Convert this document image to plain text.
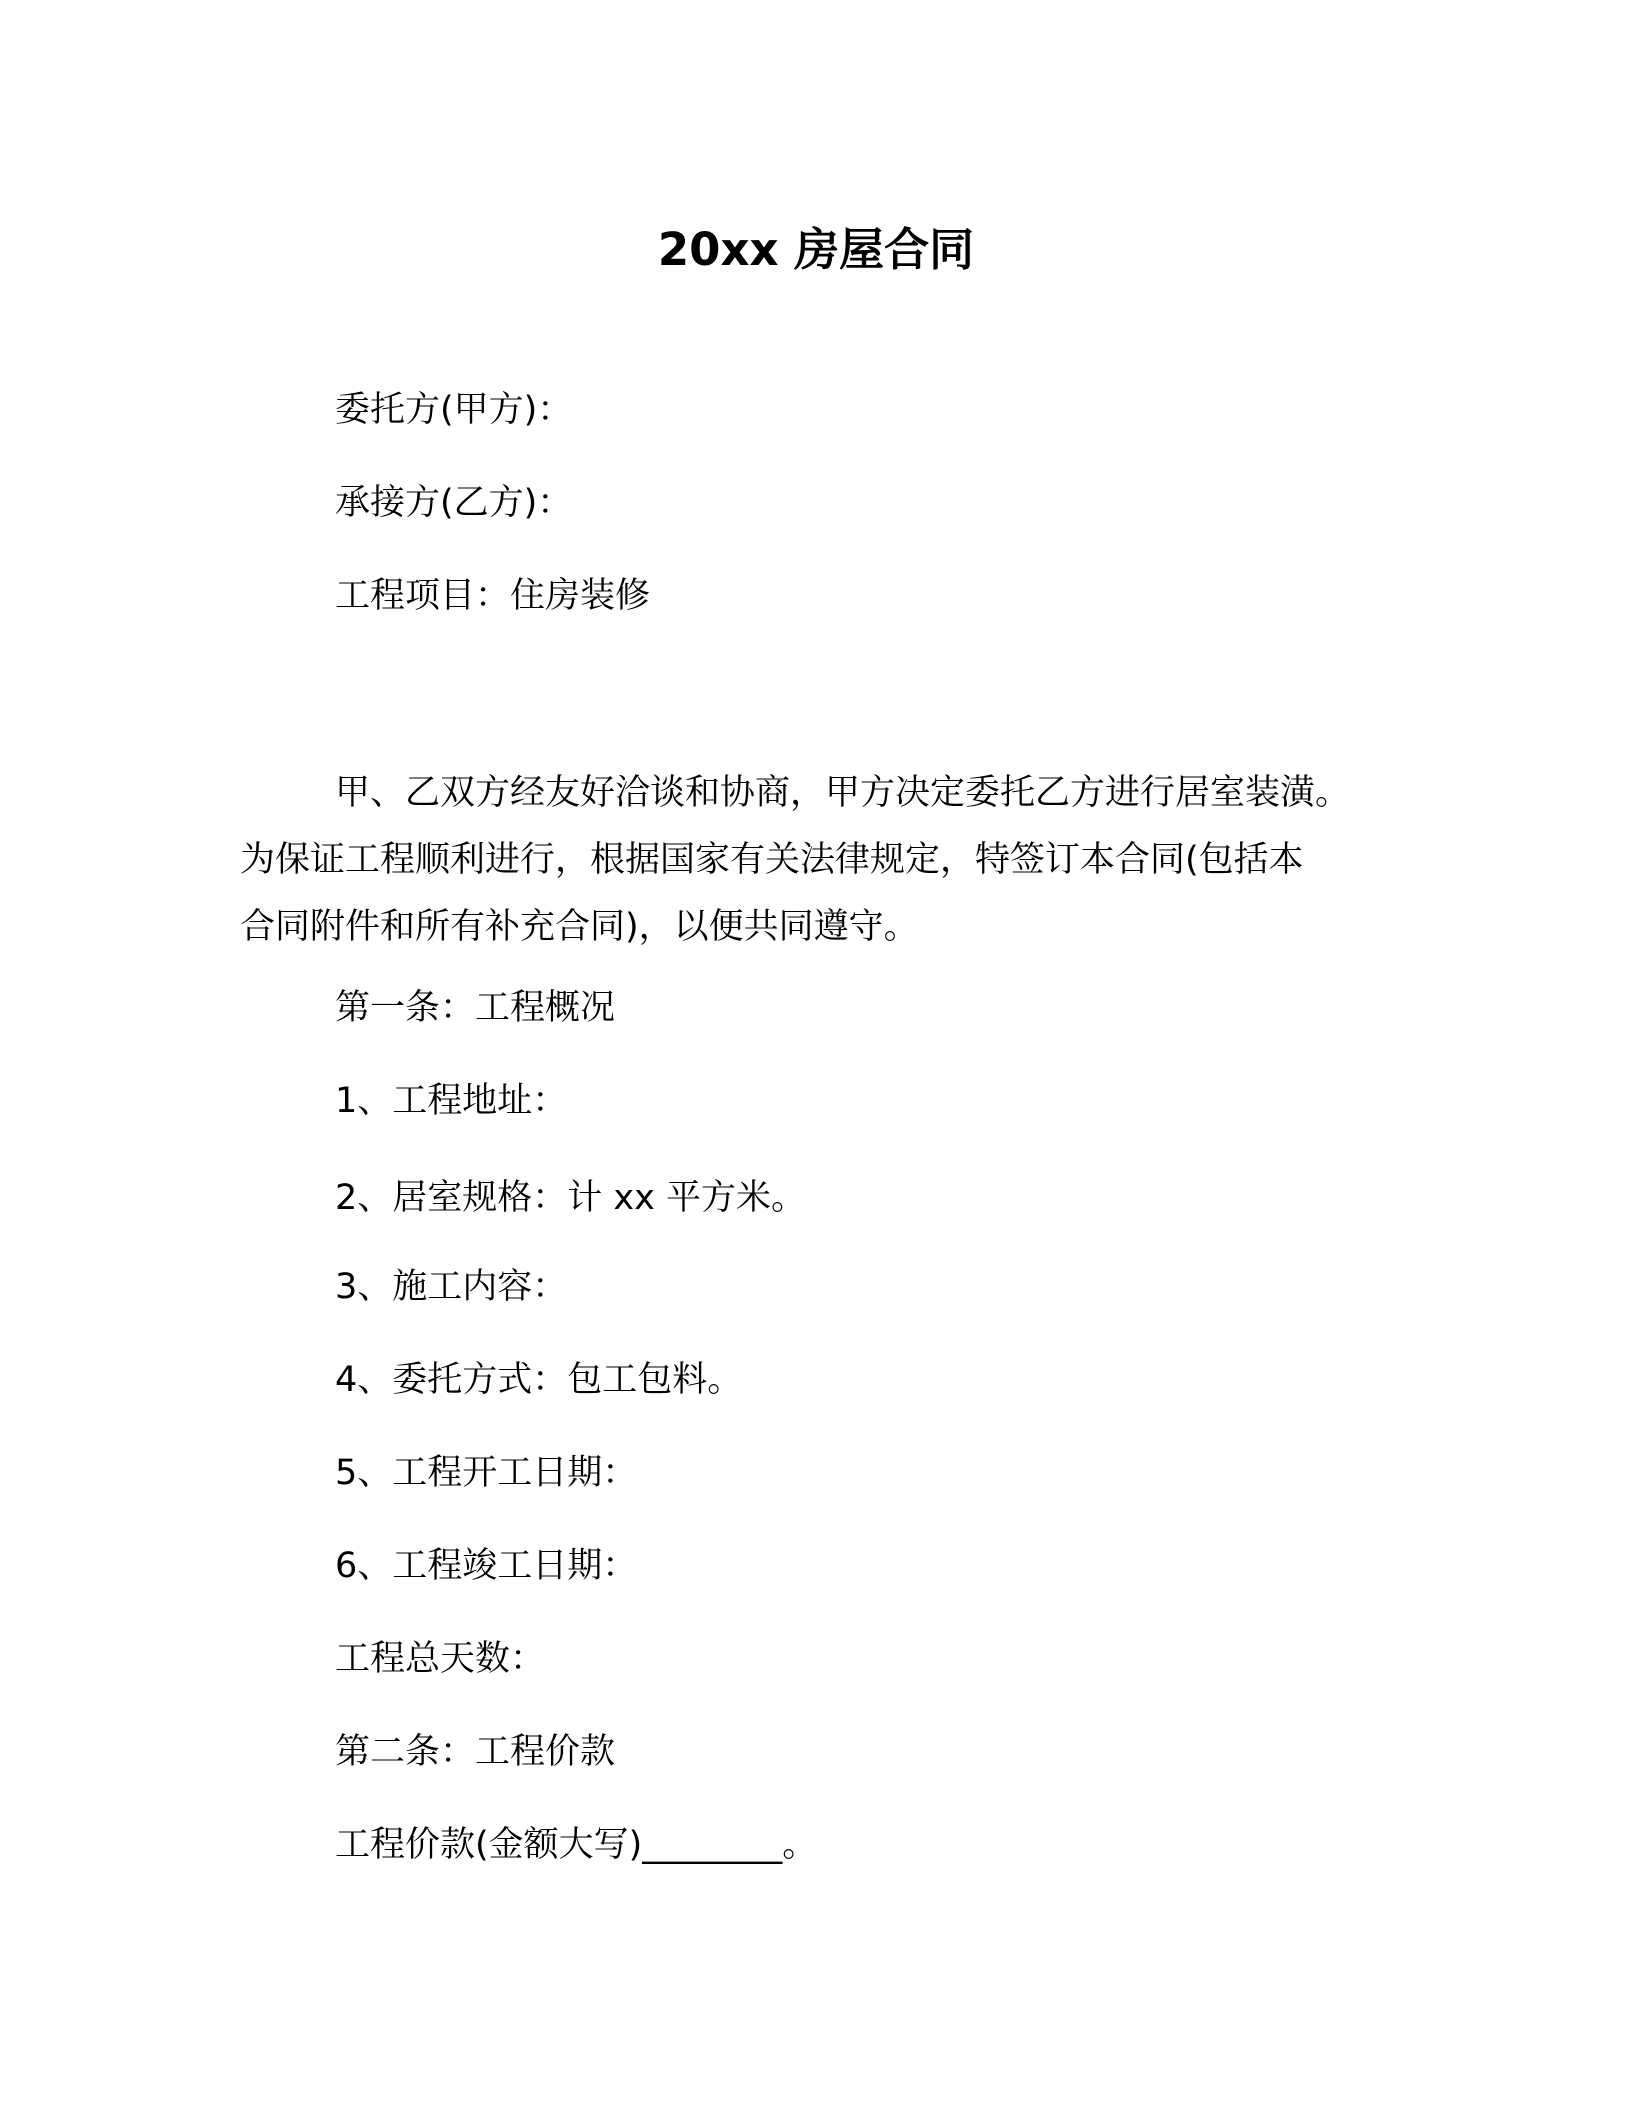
20xx 房屋合同
委托方(甲方)：
承接方(乙方)：
工程项目：住房装修
甲、乙双方经友好洽谈和协商，甲方决定委托乙方进行居室装潢。
为保证工程顺利进行，根据国家有关法律规定，特签订本合同(包括本
合同附件和所有补充合同)，以便共同遵守。
第一条：工程概况
1、工程地址：
2、居室规格：计 xx 平方米。
3、施工内容：
4、委托方式：包工包料。
5、工程开工日期：
6、工程竣工日期：
工程总天数：
第二条：工程价款
工程价款(金额大写)________。
